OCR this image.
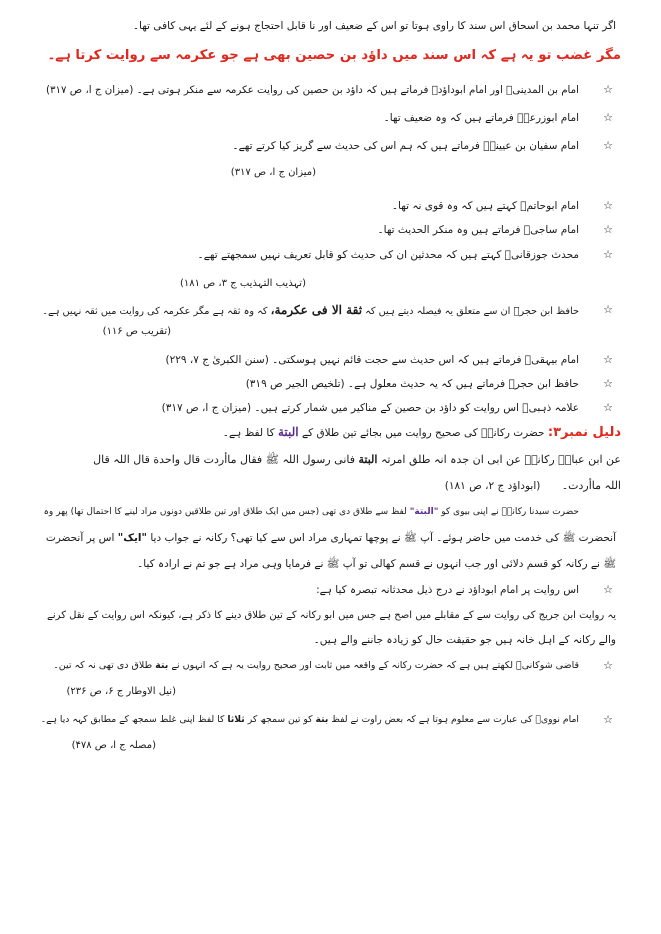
اگر تنہا محمد بن اسحاق اس سند کا راوی ہوتا تو اس کے ضعیف اور نا قابل احتجاج ہونے کے لئے یہی کافی تھا۔
مگر غضب تو یہ ہے کہ اس سند میں داؤد بن حصین بھی ہے جو عکرمہ سے روایت کرتا ہے۔
☆
امام بن المدینیؒ اور امام ابوداؤدؒ فرماتے ہیں کہ داؤد بن حصین کی روایت عکرمہ سے منکر ہوتی ہے۔ (میزان ج ا، ص ۳۱۷)
☆
امام ابوزرعہؒ فرماتے ہیں کہ وہ ضعیف تھا۔
☆
امام سفیان بن عیینہؒ فرماتے ہیں کہ ہم اس کی حدیث سے گریز کیا کرتے تھے۔
(میزان ج ا، ص ۳۱۷)
☆
امام ابوحاتمؒ کہتے ہیں کہ وہ قوی نہ تھا۔
☆
امام ساجیؒ فرماتے ہیں وہ منکر الحدیث تھا۔
☆
محدث جوزقانیؒ کہتے ہیں کہ محدثین ان کی حدیث کو قابل تعریف نہیں سمجھتے تھے۔
(تہذیب التہذیب ج ۳، ص ۱۸۱)
☆
حافظ ابن حجرؒ ان سے متعلق یہ فیصلہ دیتے ہیں کہ ثقة الا فی عکرمة، کہ وہ ثقہ ہے مگر عکرمہ کی روایت میں ثقہ نہیں ہے۔
(تقریب ص ۱۱۶)
☆
امام بیہقیؒ فرماتے ہیں کہ اس حدیث سے حجت قائم نہیں ہوسکتی۔ (سنن الکبریٰ ج ۷، ۲۲۹)
☆
حافظ ابن حجرؒ فرماتے ہیں کہ یہ حدیث معلول ہے۔ (تلخیص الجیر ص ۳۱۹)
☆
علامہ ذہبیؒ اس روایت کو داؤد بن حصین کے مناکیر میں شمار کرتے ہیں۔ (میزان ج ا، ص ۳۱۷)
دلیل نمبر۳: حضرت رکانہؓ کی صحیح روایت میں بجائے تین طلاق کے البتة کا لفظ ہے۔
عن ابن عباسؓ رکانہؓ عن ابی ان جدہ انہ طلق امرتہ البتة فانی رسول اللہ ﷺ فقال ماأردت قال واحدة قال اللہ قال
اللہ ماأردت۔ (ابوداؤد ج ۲، ص ۱۸۱)
حضرت سیدنا رکانہؓ نے اپنی بیوی کو "البتة" لفظ سے طلاق دی تھی (جس میں ایک طلاق اور تین طلاقیں دونوں مراد لینے کا احتمال تھا) پھر وہ
آنحضرت ﷺ کی خدمت میں حاضر ہوئے۔ آپ ﷺ نے پوچھا تمہاری مراد اس سے کیا تھی؟ رکانہ نے جواب دیا "ایک" اس پر آنحضرت
ﷺ نے رکانہ کو قسم دلائی اور جب انہوں نے قسم کھالی تو آپ ﷺ نے فرمایا وہی مراد ہے جو تم نے ارادہ کیا۔
☆
اس روایت پر امام ابوداؤد نے درج ذیل محدثانہ تبصرہ کیا ہے:
یہ روایت ابن جریج کی روایت سے کے مقابلے میں اصح ہے جس میں ابو رکانہ کے تین طلاق دینے کا ذکر ہے، کیونکہ اس روایت کے نقل کرنے
والے رکانہ کے اہل خانہ ہیں جو حقیقت حال کو زیادہ جاننے والے ہیں۔
☆
قاضی شوکانیؒ لکھتے ہیں ہے کہ حضرت رکانہ کے واقعہ میں ثابت اور صحیح روایت یہ ہے کہ انہوں نے بتة طلاق دی تھی نہ کہ تین۔
(نیل الاوطار ج ۶، ص ۲۳۶)
☆
امام نوویؒ کی عبارت سے معلوم ہوتا ہے کہ بعض راوت نے لفظ بتة کو تین سمجھ کر ثلاثا کا لفظ اپنی غلط سمجھ کے مطابق کہہ دیا ہے۔
(مصلہ ج ا، ص ۴۷۸)
